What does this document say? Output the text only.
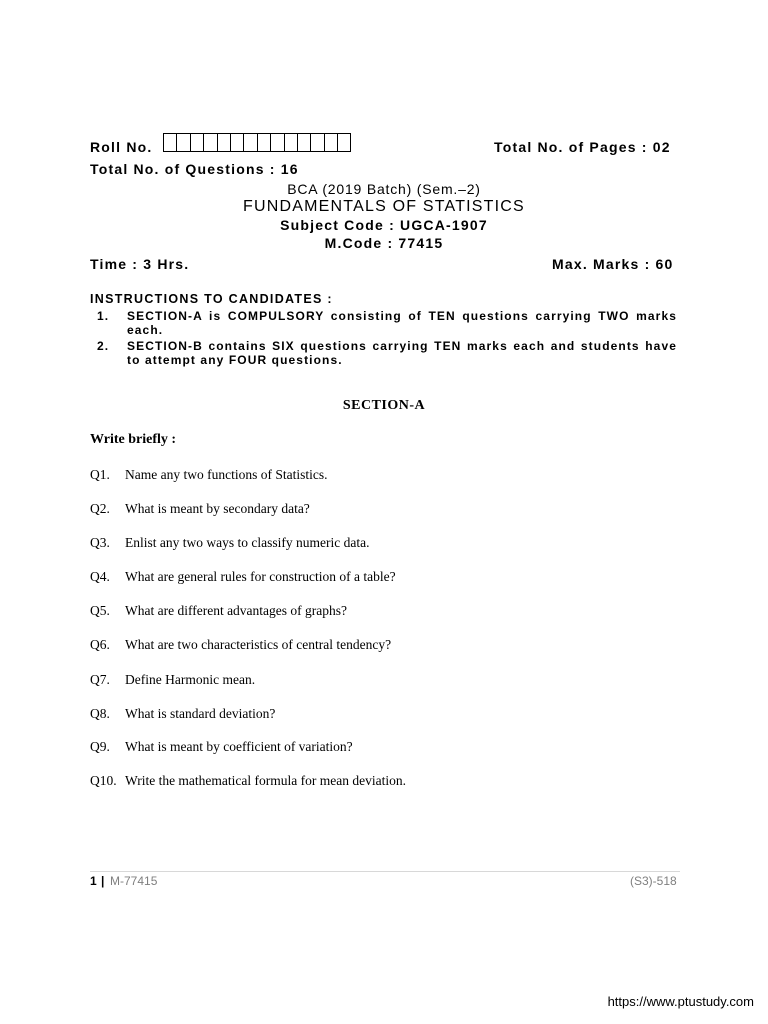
Roll No.	Total No. of Pages : 02
Total No. of Questions : 16
BCA (2019 Batch) (Sem.–2)
FUNDAMENTALS OF STATISTICS
Subject Code : UGCA-1907
M.Code : 77415
Time : 3 Hrs.	Max. Marks : 60
INSTRUCTIONS TO CANDIDATES :
1. SECTION-A is COMPULSORY consisting of TEN questions carrying TWO marks each.
2. SECTION-B contains SIX questions carrying TEN marks each and students have to attempt any FOUR questions.
SECTION-A
Write briefly :
Q1. Name any two functions of Statistics.
Q2. What is meant by secondary data?
Q3. Enlist any two ways to classify numeric data.
Q4. What are general rules for construction of a table?
Q5. What are different advantages of graphs?
Q6. What are two characteristics of central tendency?
Q7. Define Harmonic mean.
Q8. What is standard deviation?
Q9. What is meant by coefficient of variation?
Q10. Write the mathematical formula for mean deviation.
1 | M-77415	(S3)-518
https://www.ptustudy.com
